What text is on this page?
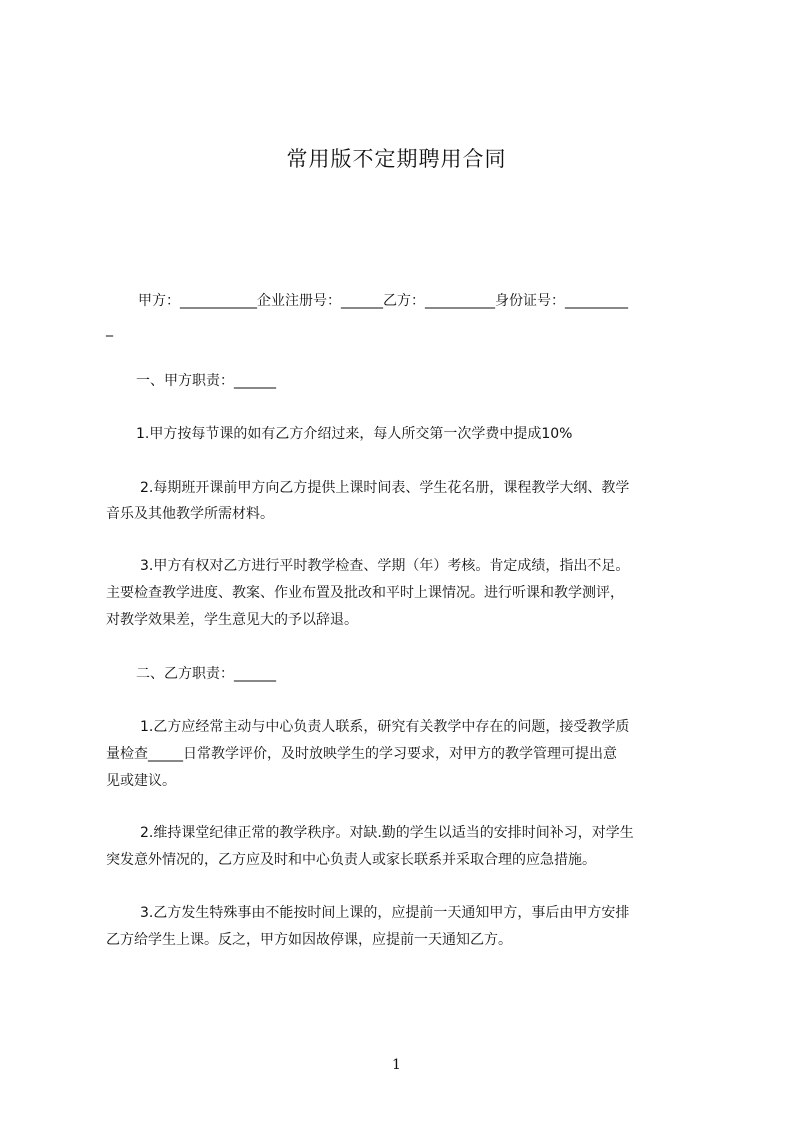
常用版不定期聘用合同

甲方：___________企业注册号：______乙方：__________身份证号：_________

_

一、甲方职责：______

1.甲方按每节课的如有乙方介绍过来，每人所交第一次学费中提成10%

2.每期班开课前甲方向乙方提供上课时间表、学生花名册，课程教学大纲、教学

音乐及其他教学所需材料。

3.甲方有权对乙方进行平时教学检查、学期（年）考核。肯定成绩，指出不足。

主要检查教学进度、教案、作业布置及批改和平时上课情况。进行听课和教学测评，

对教学效果差，学生意见大的予以辞退。

二、乙方职责：______

1.乙方应经常主动与中心负责人联系，研究有关教学中存在的问题，接受教学质

量检查_____日常教学评价，及时放映学生的学习要求，对甲方的教学管理可提出意

见或建议。

2.维持课堂纪律正常的教学秩序。对缺.勤的学生以适当的安排时间补习，对学生

突发意外情况的，乙方应及时和中心负责人或家长联系并采取合理的应急措施。

3.乙方发生特殊事由不能按时间上课的，应提前一天通知甲方，事后由甲方安排

乙方给学生上课。反之，甲方如因故停课，应提前一天通知乙方。

1
